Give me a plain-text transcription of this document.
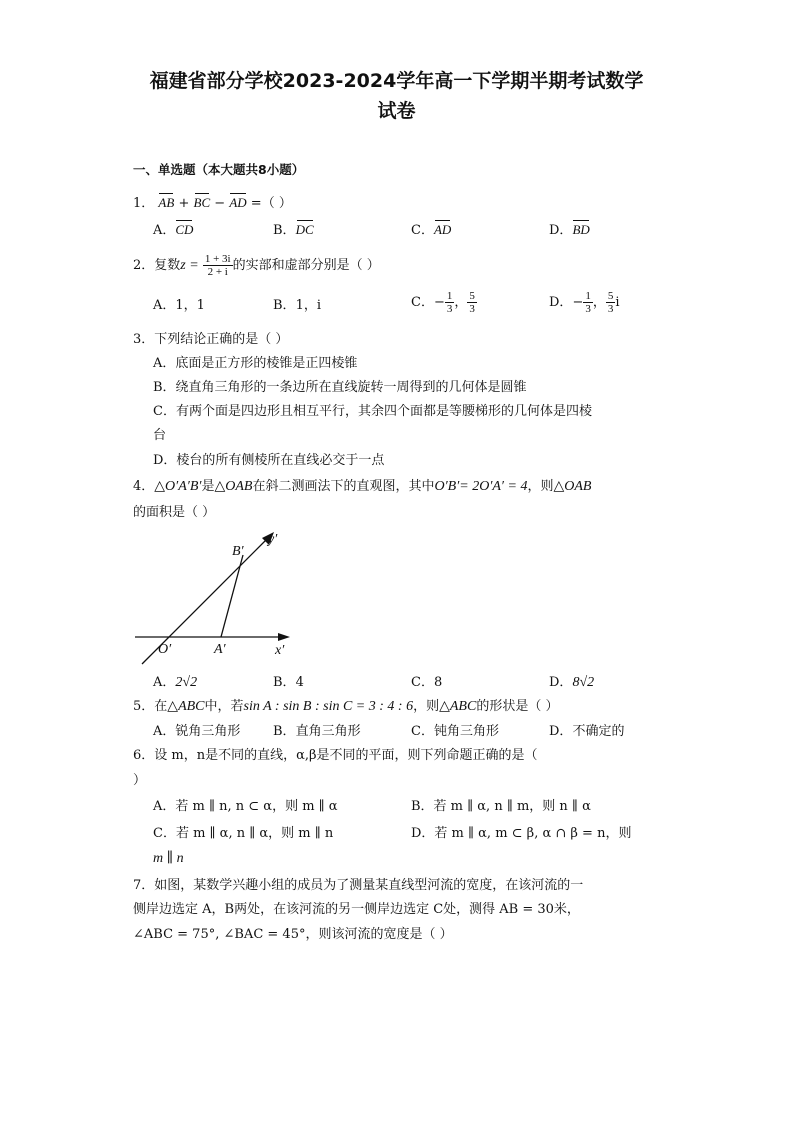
福建省部分学校2023-2024学年高一下学期半期考试数学
试卷
一、单选题（本大题共8小题）
1． AB + BC − AD =（ ）
A．CD	B．DC	C．AD	D．BD
2．复数$z = \frac{1 + 3i}{2 + i}$ 的实部和虚部分别是（ ）
A．1，1	B．1，i	C．− $\frac{1}{3}$ ， $\frac{5}{3}$	D．− $\frac{1}{3}$ ， $\frac{5}{3}$ i
3．下列结论正确的是（ ）
A．底面是正方形的棱锥是正四棱锥
B．绕直角三角形的一条边所在直线旋转一周得到的几何体是圆锥
C．有两个面是四边形且相互平行，其余四个面都是等腰梯形的几何体是四棱
台
D．棱台的所有侧棱所在直线必交于一点
4．△O′A′B′是△OAB在斜二测画法下的直观图，其中O′B′= 2O′A′ = 4，则△OAB
的面积是（ ）
B′
y′
O′	A′	x′
A．2√2	B．4	C．8	D．8√2
5．在△ABC中，若sin A : sin B : sin C = 3 : 4 : 6，则△ABC的形状是（ ）
A．锐角三角形	B．直角三角形	C．钝角三角形	D．不确定的
6．设 m，n是不同的直线，α,β是不同的平面，则下列命题正确的是（
）
A．若 m ∥ n, n ⊂ α，则 m ∥ α	B．若 m ∥ α, n ∥ m，则 n ∥ α
C．若 m ∥ α, n ∥ α，则 m ∥ n	D．若 m ∥ α, m ⊂ β, α ∩ β = n，则
m ∥ n
7．如图，某数学兴趣小组的成员为了测量某直线型河流的宽度，在该河流的一
侧岸边选定 A，B两处，在该河流的另一侧岸边选定 C处，测得 AB = 30米，
∠ABC = 75°, ∠BAC = 45°，则该河流的宽度是（ ）
